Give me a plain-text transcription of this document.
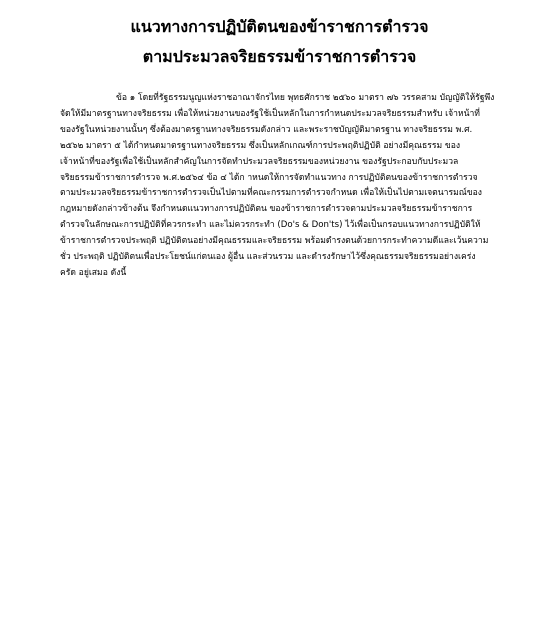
แนวทางการปฏิบัติตนของข้าราชการตำรวจ
ตามประมวลจริยธรรมข้าราชการตำรวจ
ข้อ ๑ โดยที่รัฐธรรมนูญแห่งราชอาณาจักรไทย พุทธศักราช ๒๕๖๐ มาตรา ๗๖ วรรคสาม บัญญัติให้รัฐพึง
จัดให้มีมาตรฐานทางจริยธรรม เพื่อให้หน่วยงานของรัฐใช้เป็นหลักในการกำหนดประมวลจริยธรรมสำหรับ เจ้าหน้าที่
ของรัฐในหน่วยงานนั้นๆ ซึ่งต้องมาตรฐานทางจริยธรรมดังกล่าว และพระราชบัญญัติมาตรฐาน ทางจริยธรรม พ.ศ.
๒๕๖๒ มาตรา ๕ ได้กำหนดมาตรฐานทางจริยธรรม ซึ่งเป็นหลักเกณฑ์การประพฤติปฏิบัติ อย่างมีคุณธรรม ของ
เจ้าหน้าที่ของรัฐเพื่อใช้เป็นหลักสำคัญในการจัดทำประมวลจริยธรรมของหน่วยงาน ของรัฐประกอบกับประมวล
จริยธรรมข้าราชการตำรวจ พ.ศ.๒๕๖๔ ข้อ ๔ ได้ก าหนดให้การจัดทำแนวทาง การปฏิบัติตนของข้าราชการตำรวจ
ตามประมวลจริยธรรมข้าราชการตำรวจเป็นไปตามที่คณะกรรมการตำรวจกำหนด เพื่อให้เป็นไปตามเจตนารมณ์ของ
กฎหมายดังกล่าวข้างต้น จึงกำหนดแนวทางการปฏิบัติตน ของข้าราชการตำรวจตามประมวลจริยธรรมข้าราชการ
ตำรวจในลักษณะการปฏิบัติที่ควรกระทำ และไม่ควรกระทำ (Do's & Don'ts) ไว้เพื่อเป็นกรอบแนวทางการปฏิบัติให้
ข้าราชการตำรวจประพฤติ ปฏิบัติตนอย่างมีคุณธรรมและจริยธรรม พร้อมดำรงตนด้วยการกระทำความดีและเว้นความ
ชั่ว ประพฤติ ปฏิบัติตนเพื่อประโยชน์แก่ตนเอง ผู้อื่น และส่วนรวม และดำรงรักษาไว้ซึ่งคุณธรรมจริยธรรมอย่างเคร่ง
ครัด อยู่เสมอ ดังนี้
